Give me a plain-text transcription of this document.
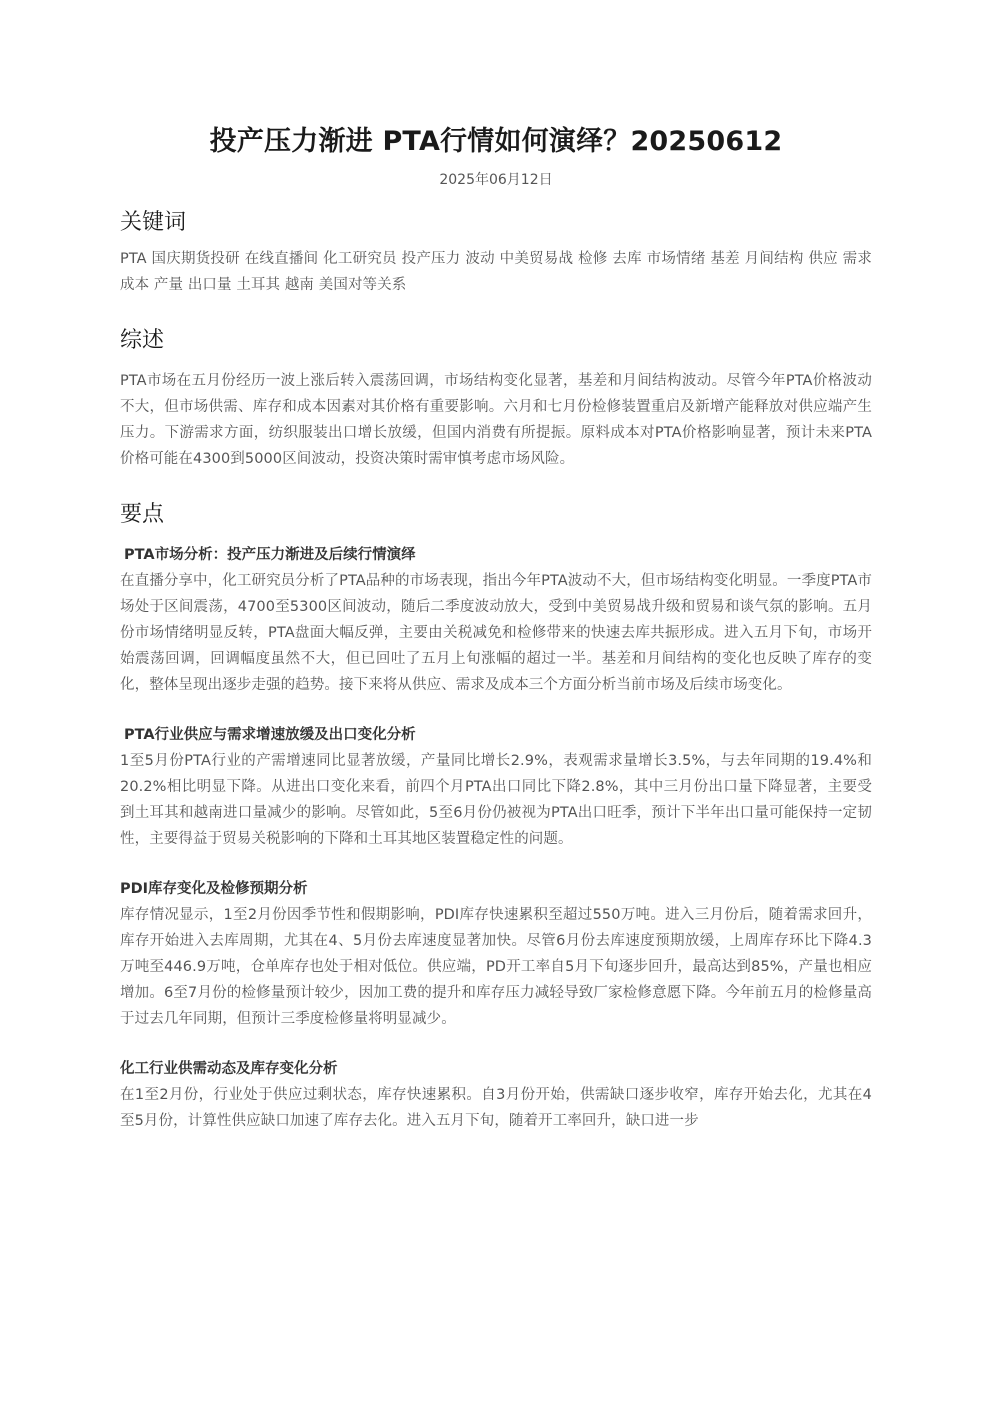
投产压力渐进 PTA行情如何演绎？20250612
2025年06月12日
关键词

PTA 国庆期货投研 在线直播间 化工研究员 投产压力 波动 中美贸易战 检修 去库 市场情绪 基差 月间结构 供应 需求 成本 产量 出口量 土耳其 越南 美国对等关系

综述

PTA市场在五月份经历一波上涨后转入震荡回调，市场结构变化显著，基差和月间结构波动。尽管今年PTA价格波动不大，但市场供需、库存和成本因素对其价格有重要影响。六月和七月份检修装置重启及新增产能释放对供应端产生压力。下游需求方面，纺织服装出口增长放缓，但国内消费有所提振。原料成本对PTA价格影响显著，预计未来PTA价格可能在4300到5000区间波动，投资决策时需审慎考虑市场风险。

要点

PTA市场分析：投产压力渐进及后续行情演绎

在直播分享中，化工研究员分析了PTA品种的市场表现，指出今年PTA波动不大，但市场结构变化明显。一季度PTA市场处于区间震荡，4700至5300区间波动，随后二季度波动放大，受到中美贸易战升级和贸易和谈气氛的影响。五月份市场情绪明显反转，PTA盘面大幅反弹，主要由关税减免和检修带来的快速去库共振形成。进入五月下旬，市场开始震荡回调，回调幅度虽然不大，但已回吐了五月上旬涨幅的超过一半。基差和月间结构的变化也反映了库存的变化，整体呈现出逐步走强的趋势。接下来将从供应、需求及成本三个方面分析当前市场及后续市场变化。

PTA行业供应与需求增速放缓及出口变化分析

1至5月份PTA行业的产需增速同比显著放缓，产量同比增长2.9%，表观需求量增长3.5%，与去年同期的19.4%和20.2%相比明显下降。从进出口变化来看，前四个月PTA出口同比下降2.8%，其中三月份出口量下降显著，主要受到土耳其和越南进口量减少的影响。尽管如此，5至6月份仍被视为PTA出口旺季，预计下半年出口量可能保持一定韧性，主要得益于贸易关税影响的下降和土耳其地区装置稳定性的问题。

PDI库存变化及检修预期分析

库存情况显示，1至2月份因季节性和假期影响，PDI库存快速累积至超过550万吨。进入三月份后，随着需求回升，库存开始进入去库周期，尤其在4、5月份去库速度显著加快。尽管6月份去库速度预期放缓，上周库存环比下降4.3万吨至446.9万吨，仓单库存也处于相对低位。供应端，PD开工率自5月下旬逐步回升，最高达到85%，产量也相应增加。6至7月份的检修量预计较少，因加工费的提升和库存压力减轻导致厂家检修意愿下降。今年前五月的检修量高于过去几年同期，但预计三季度检修量将明显减少。

化工行业供需动态及库存变化分析

在1至2月份，行业处于供应过剩状态，库存快速累积。自3月份开始，供需缺口逐步收窄，库存开始去化，尤其在4至5月份，计算性供应缺口加速了库存去化。进入五月下旬，随着开工率回升，缺口进一步
